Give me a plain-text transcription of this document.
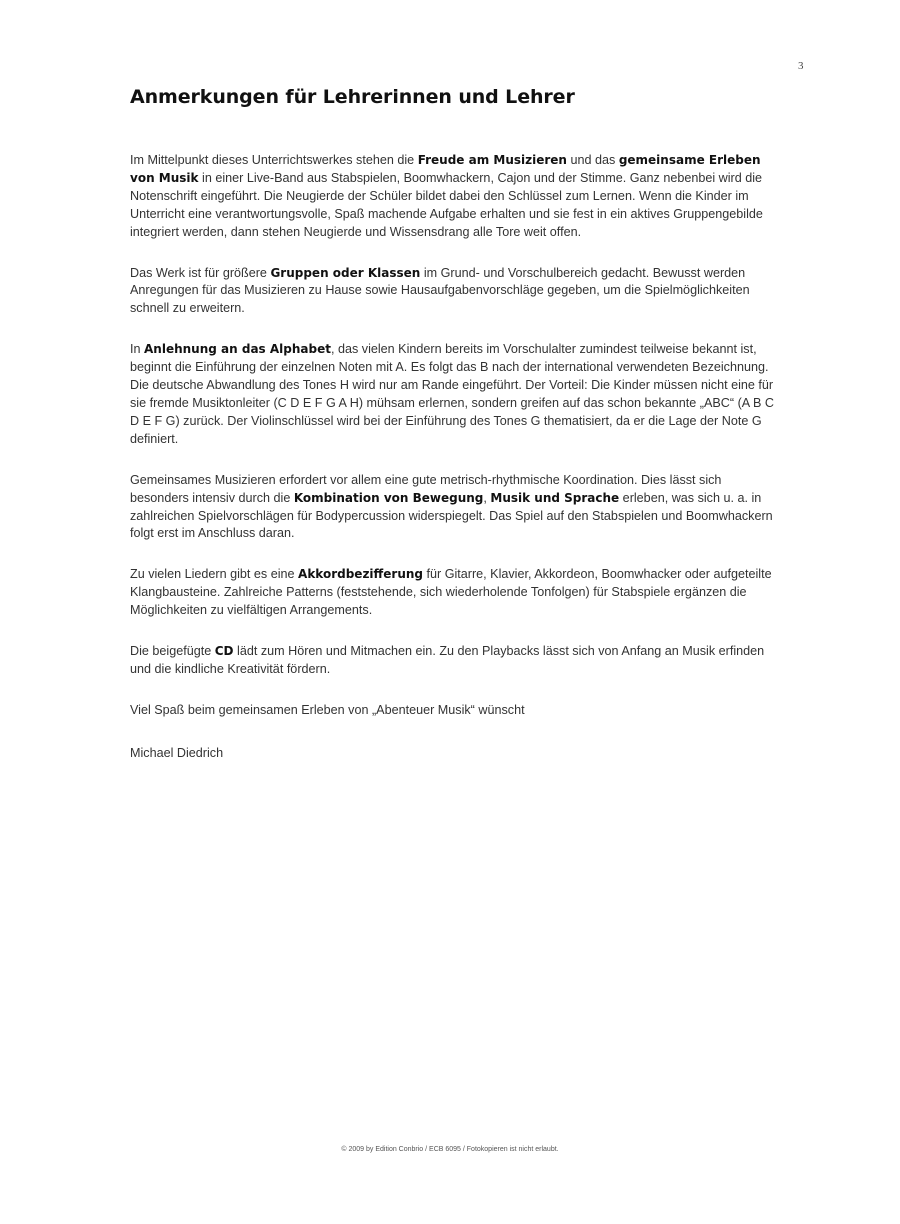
3
Anmerkungen für Lehrerinnen und Lehrer

Im Mittelpunkt dieses Unterrichtswerkes stehen die Freude am Musizieren und das gemeinsame Erleben von Musik in einer Live-Band aus Stabspielen, Boomwhackern, Cajon und der Stimme. Ganz nebenbei wird die Notenschrift eingeführt. Die Neugierde der Schüler bildet dabei den Schlüssel zum Lernen. Wenn die Kinder im Unterricht eine verantwortungsvolle, Spaß machende Aufgabe erhalten und sie fest in ein aktives Gruppengebilde integriert werden, dann stehen Neugierde und Wissensdrang alle Tore weit offen.

Das Werk ist für größere Gruppen oder Klassen im Grund- und Vorschulbereich gedacht. Bewusst werden Anregungen für das Musizieren zu Hause sowie Hausaufgabenvorschläge gegeben, um die Spielmöglichkeiten schnell zu erweitern.

In Anlehnung an das Alphabet, das vielen Kindern bereits im Vorschulalter zumindest teilweise bekannt ist, beginnt die Einführung der einzelnen Noten mit A. Es folgt das B nach der international verwendeten Bezeichnung. Die deutsche Abwandlung des Tones H wird nur am Rande eingeführt. Der Vorteil: Die Kinder müssen nicht eine für sie fremde Musiktonleiter (C D E F G A H) mühsam erlernen, sondern greifen auf das schon bekannte „ABC“ (A B C D E F G) zurück. Der Violinschlüssel wird bei der Einführung des Tones G thematisiert, da er die Lage der Note G definiert.

Gemeinsames Musizieren erfordert vor allem eine gute metrisch-rhythmische Koordination. Dies lässt sich besonders intensiv durch die Kombination von Bewegung, Musik und Sprache erleben, was sich u. a. in zahlreichen Spielvorschlägen für Bodypercussion widerspiegelt. Das Spiel auf den Stabspielen und Boomwhackern folgt erst im Anschluss daran.

Zu vielen Liedern gibt es eine Akkordbezifferung für Gitarre, Klavier, Akkordeon, Boomwhacker oder aufgeteilte Klangbausteine. Zahlreiche Patterns (feststehende, sich wiederholende Tonfolgen) für Stabspiele ergänzen die Möglichkeiten zu vielfältigen Arrangements.

Die beigefügte CD lädt zum Hören und Mitmachen ein. Zu den Playbacks lässt sich von Anfang an Musik erfinden und die kindliche Kreativität fördern.

Viel Spaß beim gemeinsamen Erleben von „Abenteuer Musik“ wünscht

Michael Diedrich

© 2009 by Edition Conbrio / ECB 6095 / Fotokopieren ist nicht erlaubt.
